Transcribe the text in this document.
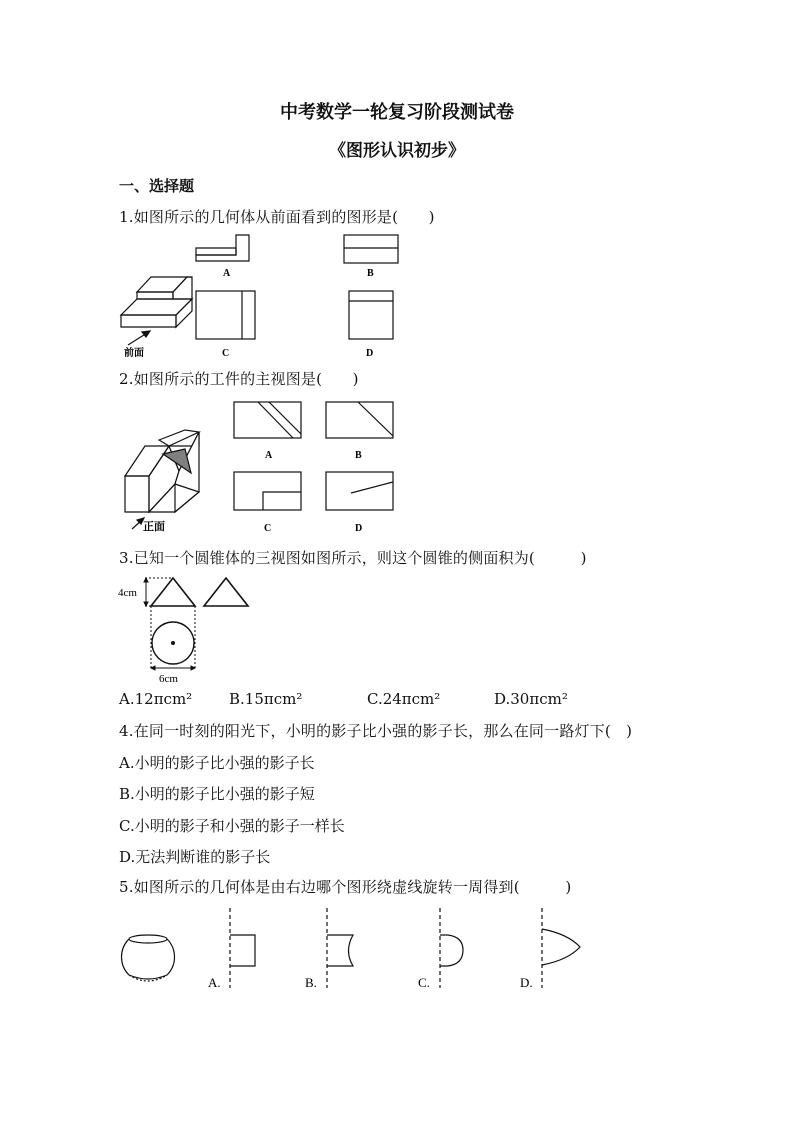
中考数学一轮复习阶段测试卷
《图形认识初步》
一、选择题
1.如图所示的几何体从前面看到的图形是(　　)
前面
A	B
C	D
2.如图所示的工件的主视图是(　　)
正面
A	B
C	D
3.已知一个圆锥体的三视图如图所示，则这个圆锥的侧面积为(　　　)
4cm
6cm
A.12πcm² B.15πcm²	C.24πcm²	D.30πcm²
4.在同一时刻的阳光下，小明的影子比小强的影子长，那么在同一路灯下(　)
A.小明的影子比小强的影子长
B.小明的影子比小强的影子短
C.小明的影子和小强的影子一样长
D.无法判断谁的影子长
5.如图所示的几何体是由右边哪个图形绕虚线旋转一周得到(　　　)
A.	B.	C.	D.
